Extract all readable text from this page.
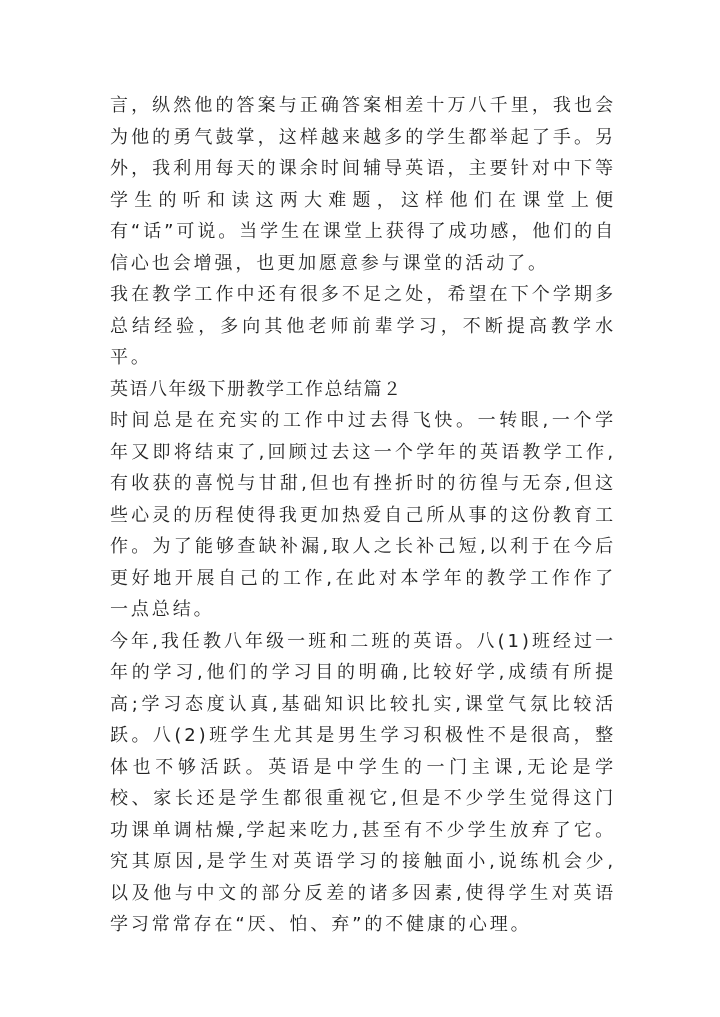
言，纵然他的答案与正确答案相差十万八千里，我也会为他的勇气鼓掌，这样越来越多的学生都举起了手。另外，我利用每天的课余时间辅导英语，主要针对中下等学生的听和读这两大难题，这样他们在课堂上便有“话”可说。当学生在课堂上获得了成功感，他们的自信心也会增强，也更加愿意参与课堂的活动了。

我在教学工作中还有很多不足之处，希望在下个学期多总结经验，多向其他老师前辈学习，不断提高教学水平。

英语八年级下册教学工作总结篇２

时间总是在充实的工作中过去得飞快。一转眼,一个学年又即将结束了,回顾过去这一个学年的英语教学工作,有收获的喜悦与甘甜,但也有挫折时的彷徨与无奈,但这些心灵的历程使得我更加热爱自己所从事的这份教育工作。为了能够查缺补漏,取人之长补己短,以利于在今后更好地开展自己的工作,在此对本学年的教学工作作了一点总结。

今年,我任教八年级一班和二班的英语。八(1)班经过一年的学习,他们的学习目的明确,比较好学,成绩有所提高;学习态度认真,基础知识比较扎实,课堂气氛比较活跃。八(2)班学生尤其是男生学习积极性不是很高，整体也不够活跃。英语是中学生的一门主课,无论是学校、家长还是学生都很重视它,但是不少学生觉得这门功课单调枯燥,学起来吃力,甚至有不少学生放弃了它。究其原因,是学生对英语学习的接触面小,说练机会少,以及他与中文的部分反差的诸多因素,使得学生对英语学习常常存在“厌、怕、弃”的不健康的心理。
